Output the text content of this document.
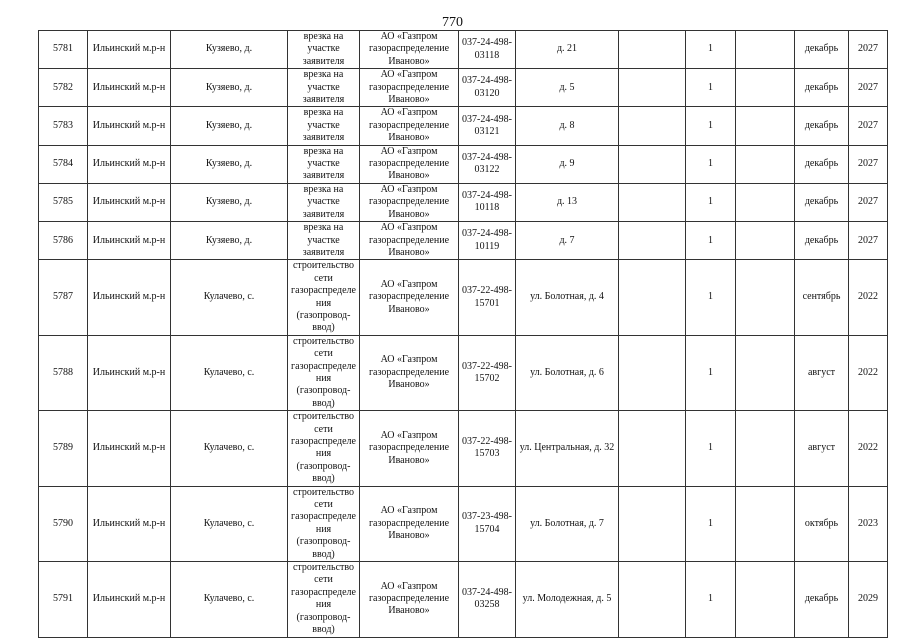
770
5781	Ильинский м.р-н	Кузяево, д.	врезка на участке заявителя	АО «Газпром газораспределение Иваново»	037-24-498-03118	д. 21		1		декабрь	2027
5782	Ильинский м.р-н	Кузяево, д.	врезка на участке заявителя	АО «Газпром газораспределение Иваново»	037-24-498-03120	д. 5		1		декабрь	2027
5783	Ильинский м.р-н	Кузяево, д.	врезка на участке заявителя	АО «Газпром газораспределение Иваново»	037-24-498-03121	д. 8		1		декабрь	2027
5784	Ильинский м.р-н	Кузяево, д.	врезка на участке заявителя	АО «Газпром газораспределение Иваново»	037-24-498-03122	д. 9		1		декабрь	2027
5785	Ильинский м.р-н	Кузяево, д.	врезка на участке заявителя	АО «Газпром газораспределение Иваново»	037-24-498-10118	д. 13		1		декабрь	2027
5786	Ильинский м.р-н	Кузяево, д.	врезка на участке заявителя	АО «Газпром газораспределение Иваново»	037-24-498-10119	д. 7		1		декабрь	2027
5787	Ильинский м.р-н	Кулачево, с.	строительство сети газораспределения (газопровод-ввод)	АО «Газпром газораспределение Иваново»	037-22-498-15701	ул. Болотная, д. 4		1		сентябрь	2022
5788	Ильинский м.р-н	Кулачево, с.	строительство сети газораспределения (газопровод-ввод)	АО «Газпром газораспределение Иваново»	037-22-498-15702	ул. Болотная, д. 6		1		август	2022
5789	Ильинский м.р-н	Кулачево, с.	строительство сети газораспределения (газопровод-ввод)	АО «Газпром газораспределение Иваново»	037-22-498-15703	ул. Центральная, д. 32		1		август	2022
5790	Ильинский м.р-н	Кулачево, с.	строительство сети газораспределения (газопровод-ввод)	АО «Газпром газораспределение Иваново»	037-23-498-15704	ул. Болотная, д. 7		1		октябрь	2023
5791	Ильинский м.р-н	Кулачево, с.	строительство сети газораспределения (газопровод-ввод)	АО «Газпром газораспределение Иваново»	037-24-498-03258	ул. Молодежная, д. 5		1		декабрь	2029
